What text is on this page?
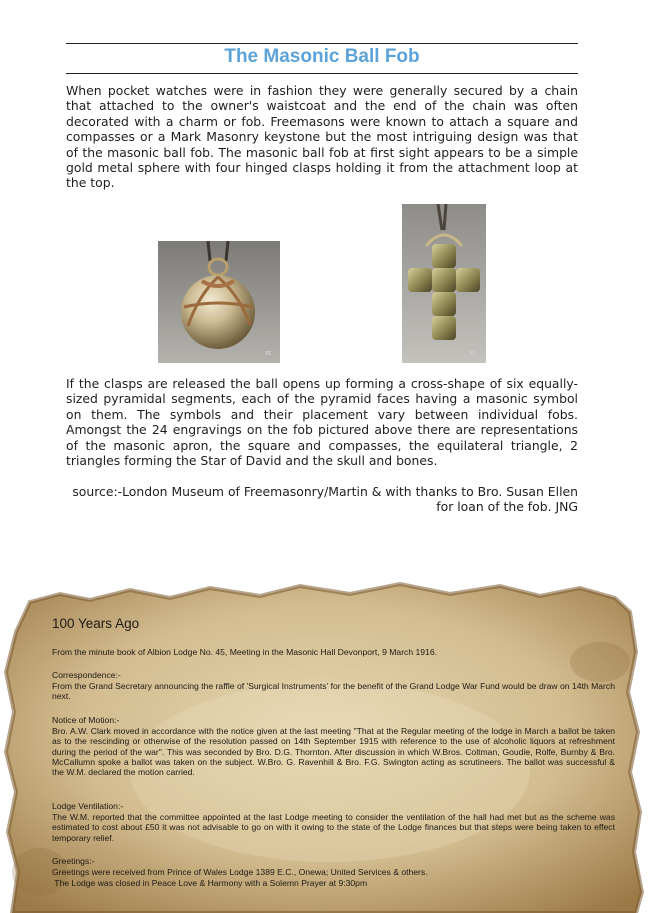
The Masonic Ball Fob
When pocket watches were in fashion they were generally secured by a chain that attached to the owner's waistcoat and the end of the chain was often decorated with a charm or fob. Freemasons were known to attach a square and compasses or a Mark Masonry keystone but the most intriguing design was that of the masonic ball fob. The masonic ball fob at first sight appears to be a simple gold metal sphere with four hinged clasps holding it from the attachment loop at the top.
PC	PC
If the clasps are released the ball opens up forming a cross-shape of six equally-sized pyramidal segments, each of the pyramid faces having a masonic symbol on them. The symbols and their placement vary between individual fobs. Amongst the 24 engravings on the fob pictured above there are representations of the masonic apron, the square and compasses, the equilateral triangle, 2 triangles forming the Star of David and the skull and bones.
source:-London Museum of Freemasonry/Martin & with thanks to Bro. Susan Ellen for loan of the fob. JNG
100 Years Ago
From the minute book of Albion Lodge No. 45, Meeting in the Masonic Hall Devonport, 9 March 1916.
Correspondence:-
From the Grand Secretary announcing the raffle of 'Surgical Instruments' for the benefit of the Grand Lodge War Fund would be draw on 14th March next.
Notice of Motion:-
Bro. A.W. Clark moved in accordance with the notice given at the last meeting "That at the Regular meeting of the lodge in March a ballot be taken as to the rescinding or otherwise of the resolution passed on 14th September 1915 with reference to the use of alcoholic liquors at refreshment during the period of the war". This was seconded by Bro. D.G. Thornton. After discussion in which W.Bros. Coltman, Goudie, Rolfe, Burnby & Bro. McCallumn spoke a ballot was taken on the subject. W.Bro. G. Ravenhill & Bro. F.G. Swington acting as scrutineers. The ballot was successful & the W.M. declared the motion carried.
Lodge Ventilation:-
The W.M. reported that the committee appointed at the last Lodge meeting to consider the ventilation of the hall had met but as the scheme was estimated to cost about £50 it was not advisable to go on with it owing to the state of the Lodge finances but that steps were being taken to effect temporary relief.
Greetings:-
Greetings were received from Prince of Wales Lodge 1389 E.C., Onewa; United Services & others.
The Lodge was closed in Peace Love & Harmony with a Solemn Prayer at 9:30pm
